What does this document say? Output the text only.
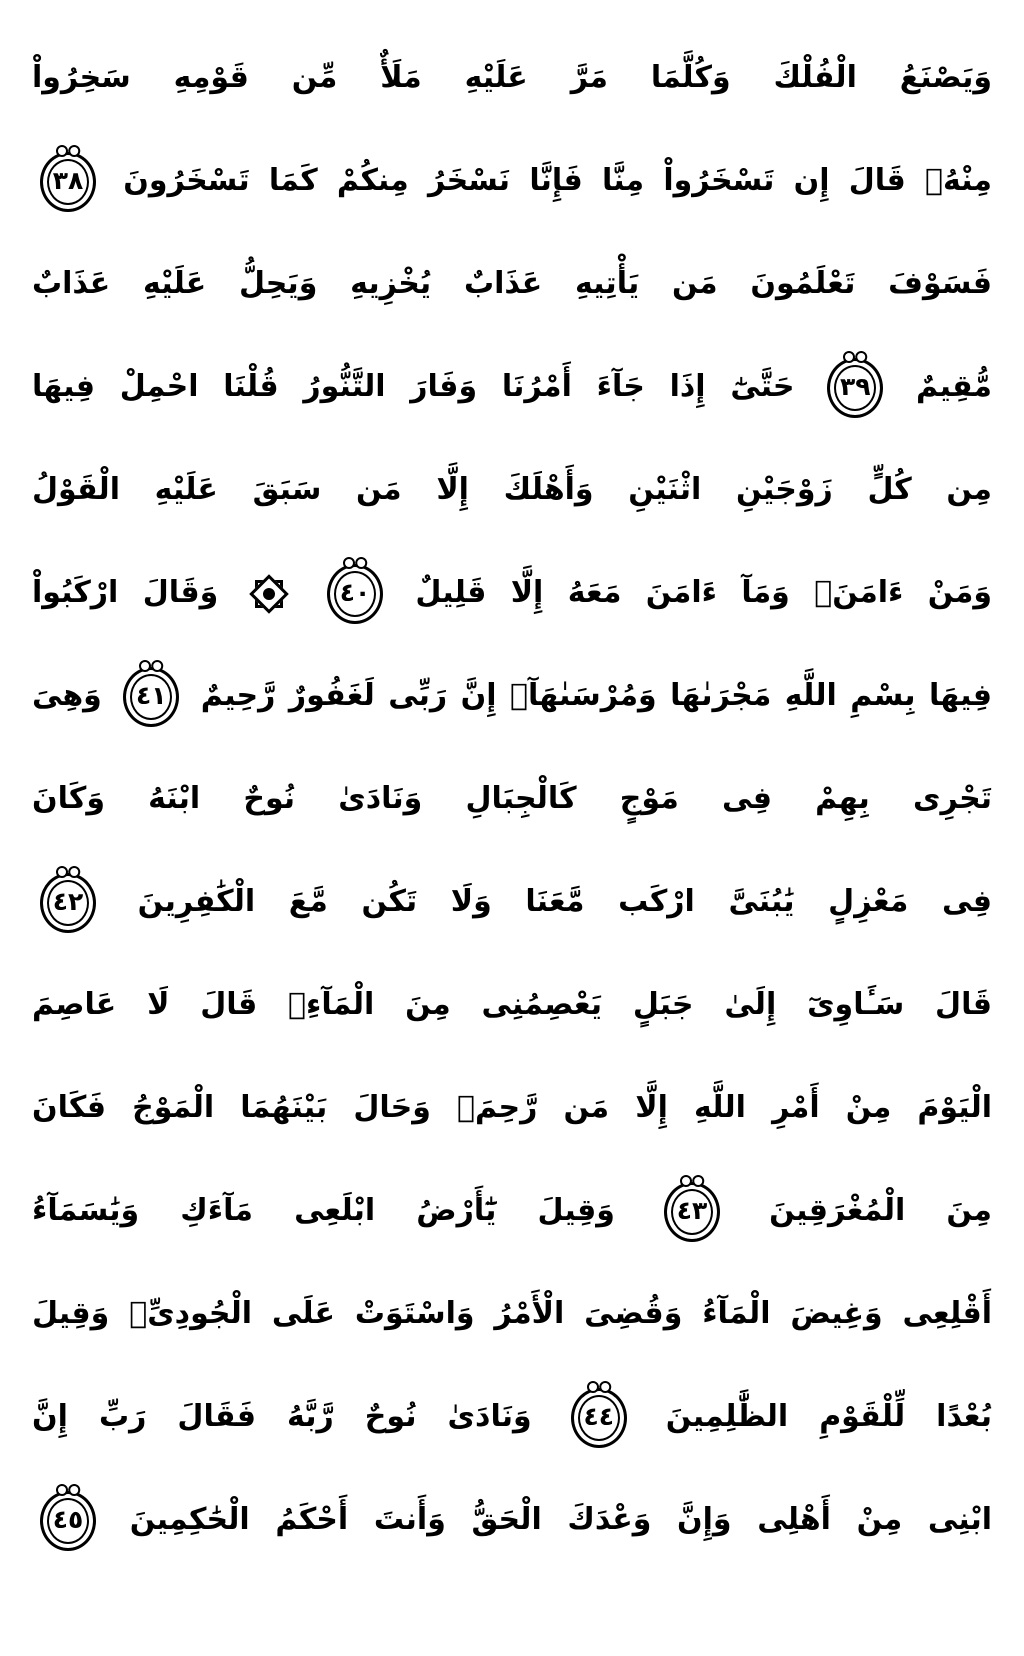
وَيَصْنَعُ الْفُلْكَ وَكُلَّمَا مَرَّ عَلَيْهِ مَلَأٌ مِّن قَوْمِهِ سَخِرُواْ
مِنْهُۚ قَالَ إِن تَسْخَرُواْ مِنَّا فَإِنَّا نَسْخَرُ مِنكُمْ كَمَا تَسْخَرُونَ
٣٨
فَسَوْفَ تَعْلَمُونَ مَن يَأْتِيهِ عَذَابٌ يُخْزِيهِ وَيَحِلُّ عَلَيْهِ عَذَابٌ
مُّقِيمٌ
٣٩
حَتَّىٰٓ إِذَا جَآءَ أَمْرُنَا وَفَارَ التَّنُّورُ قُلْنَا احْمِلْ فِيهَا
مِن كُلٍّ زَوْجَيْنِ اثْنَيْنِ وَأَهْلَكَ إِلَّا مَن سَبَقَ عَلَيْهِ الْقَوْلُ
وَمَنْ ءَامَنَۚ وَمَآ ءَامَنَ مَعَهُ إِلَّا قَلِيلٌ
٤٠

وَقَالَ ارْكَبُواْ
فِيهَا بِسْمِ اللَّهِ مَجْرَىٰهَا وَمُرْسَىٰهَآۚ إِنَّ رَبِّى لَغَفُورٌ رَّحِيمٌ
٤١
وَهِىَ
تَجْرِى بِهِمْ فِى مَوْجٍ كَالْجِبَالِ وَنَادَىٰ نُوحٌ ابْنَهُ وَكَانَ
فِى مَعْزِلٍ يَٰبُنَىَّ ارْكَب مَّعَنَا وَلَا تَكُن مَّعَ الْكَٰفِرِينَ
٤٢
قَالَ سَـَٔاوِىٓ إِلَىٰ جَبَلٍ يَعْصِمُنِى مِنَ الْمَآءِۚ قَالَ لَا عَاصِمَ
الْيَوْمَ مِنْ أَمْرِ اللَّهِ إِلَّا مَن رَّحِمَۚ وَحَالَ بَيْنَهُمَا الْمَوْجُ فَكَانَ
مِنَ الْمُغْرَقِينَ
٤٣
وَقِيلَ يَٰٓأَرْضُ ابْلَعِى مَآءَكِ وَيَٰسَمَآءُ
أَقْلِعِى وَغِيضَ الْمَآءُ وَقُضِىَ الْأَمْرُ وَاسْتَوَتْ عَلَى الْجُودِىِّۖ وَقِيلَ
بُعْدًا لِّلْقَوْمِ الظَّٰلِمِينَ
٤٤
وَنَادَىٰ نُوحٌ رَّبَّهُ فَقَالَ رَبِّ إِنَّ
ابْنِى مِنْ أَهْلِى وَإِنَّ وَعْدَكَ الْحَقُّ وَأَنتَ أَحْكَمُ الْحَٰكِمِينَ
٤٥
